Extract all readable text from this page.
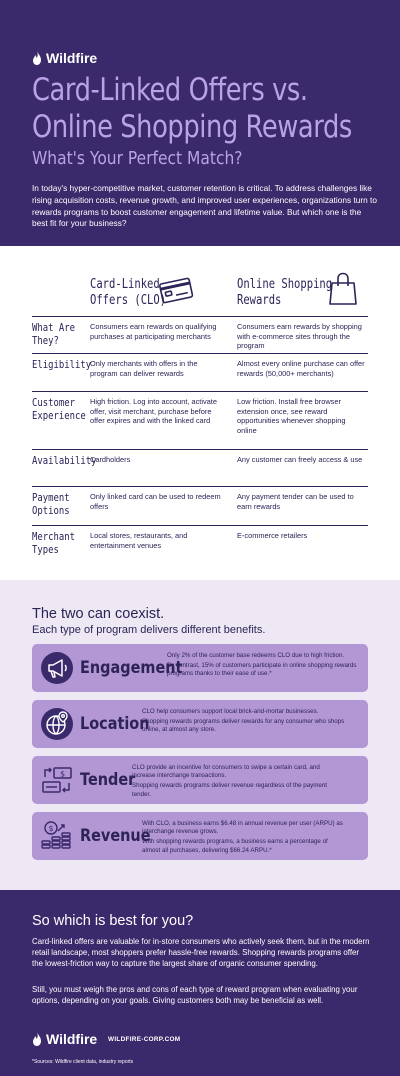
Wildfire
Card-Linked Offers vs.
Online Shopping Rewards
What's Your Perfect Match?

In today's hyper-competitive market, customer retention is critical. To address challenges like rising acquisition costs, revenue growth, and improved user experiences, organizations turn to rewards programs to boost customer engagement and lifetime value. But which one is the best fit for your business?

Card-Linked
Offers (CLO)
Online Shopping
Rewards
What Are They?
Consumers earn rewards on qualifying purchases at participating merchants
Consumers earn rewards by shopping with e-commerce sites through the program
Eligibility
Only merchants with offers in the program can deliver rewards
Almost every online purchase can offer rewards (50,000+ merchants)
Customer Experience
High friction. Log into account, activate offer, visit merchant, purchase before offer expires and with the linked card
Low friction. Install free browser extension once, see reward opportunities whenever shopping online
Availability
Cardholders	Any customer can freely access & use
Payment Options
Only linked card can be used to redeem offers
Any payment tender can be used to earn rewards
Merchant Types
Local stores, restaurants, and entertainment venues
E-commerce retailers
The two can coexist.
Each type of program delivers different benefits.
Engagement

Only 2% of the customer base redeems CLO due to high friction.

By contrast, 15% of customers participate in online shopping rewards programs thanks to their ease of use.*

Location

CLO help consumers support local brick-and-mortar businesses.

Shopping rewards programs deliver rewards for any consumer who shops online, at almost any store.

$ Tender

CLO provide an incentive for consumers to swipe a certain card, and increase interchange transactions.

Shopping rewards programs deliver revenue regardless of the payment tender.

$ Revenue

With CLO, a business earns $6.48 in annual revenue per user (ARPU) as interchange revenue grows.

With shopping rewards programs, a business earns a percentage of almost all purchases, delivering $66.24 ARPU.*

So which is best for you?

Card-linked offers are valuable for in-store consumers who actively seek them, but in the modern retail landscape, most shoppers prefer hassle-free rewards. Shopping rewards programs offer the lowest-friction way to capture the largest share of organic consumer spending.

Still, you must weigh the pros and cons of each type of reward program when evaluating your options, depending on your goals. Giving customers both may be beneficial as well.

Wildfire WILDFIRE-CORP.COM
*Sources: Wildfire client data, industry reports
